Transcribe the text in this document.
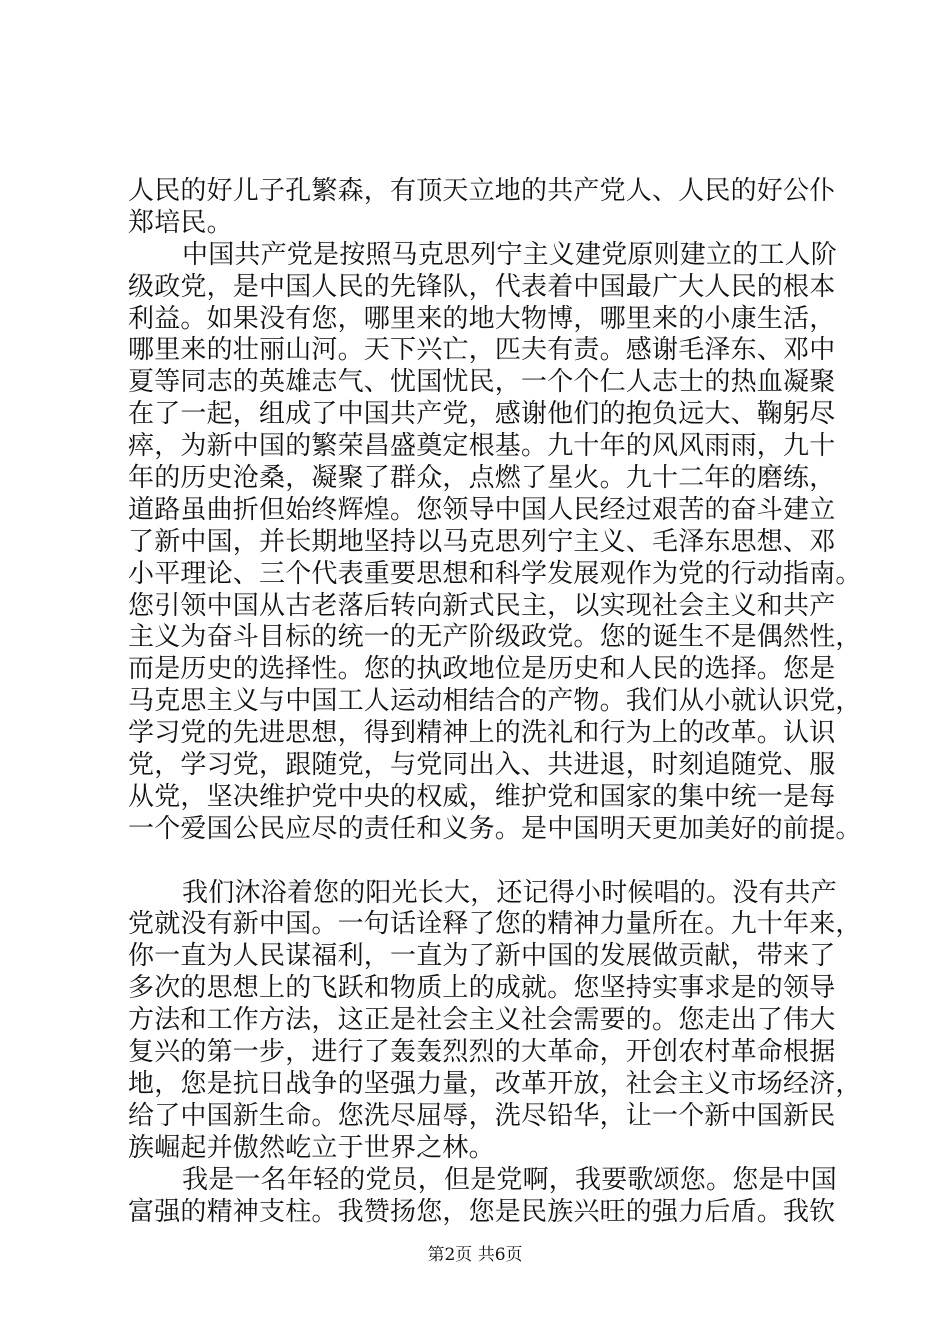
人民的好儿子孔繁森，有顶天立地的共产党人、人民的好公仆
郑培民。
中国共产党是按照马克思列宁主义建党原则建立的工人阶
级政党，是中国人民的先锋队，代表着中国最广大人民的根本
利益。如果没有您，哪里来的地大物博，哪里来的小康生活，
哪里来的壮丽山河。天下兴亡，匹夫有责。感谢毛泽东、邓中
夏等同志的英雄志气、忧国忧民，一个个仁人志士的热血凝聚
在了一起，组成了中国共产党，感谢他们的抱负远大、鞠躬尽
瘁，为新中国的繁荣昌盛奠定根基。九十年的风风雨雨，九十
年的历史沧桑，凝聚了群众，点燃了星火。九十二年的磨练，
道路虽曲折但始终辉煌。您领导中国人民经过艰苦的奋斗建立
了新中国，并长期地坚持以马克思列宁主义、毛泽东思想、邓
小平理论、三个代表重要思想和科学发展观作为党的行动指南。
您引领中国从古老落后转向新式民主，以实现社会主义和共产
主义为奋斗目标的统一的无产阶级政党。您的诞生不是偶然性，
而是历史的选择性。您的执政地位是历史和人民的选择。您是
马克思主义与中国工人运动相结合的产物。我们从小就认识党，
学习党的先进思想，得到精神上的洗礼和行为上的改革。认识
党，学习党，跟随党，与党同出入、共进退，时刻追随党、服
从党，坚决维护党中央的权威，维护党和国家的集中统一是每
一个爱国公民应尽的责任和义务。是中国明天更加美好的前提。
我们沐浴着您的阳光长大，还记得小时候唱的。没有共产
党就没有新中国。一句话诠释了您的精神力量所在。九十年来，
你一直为人民谋福利，一直为了新中国的发展做贡献，带来了
多次的思想上的飞跃和物质上的成就。您坚持实事求是的领导
方法和工作方法，这正是社会主义社会需要的。您走出了伟大
复兴的第一步，进行了轰轰烈烈的大革命，开创农村革命根据
地，您是抗日战争的坚强力量，改革开放，社会主义市场经济，
给了中国新生命。您洗尽屈辱，洗尽铅华，让一个新中国新民
族崛起并傲然屹立于世界之林。
我是一名年轻的党员，但是党啊，我要歌颂您。您是中国
富强的精神支柱。我赞扬您，您是民族兴旺的强力后盾。我钦
第2页 共6页
